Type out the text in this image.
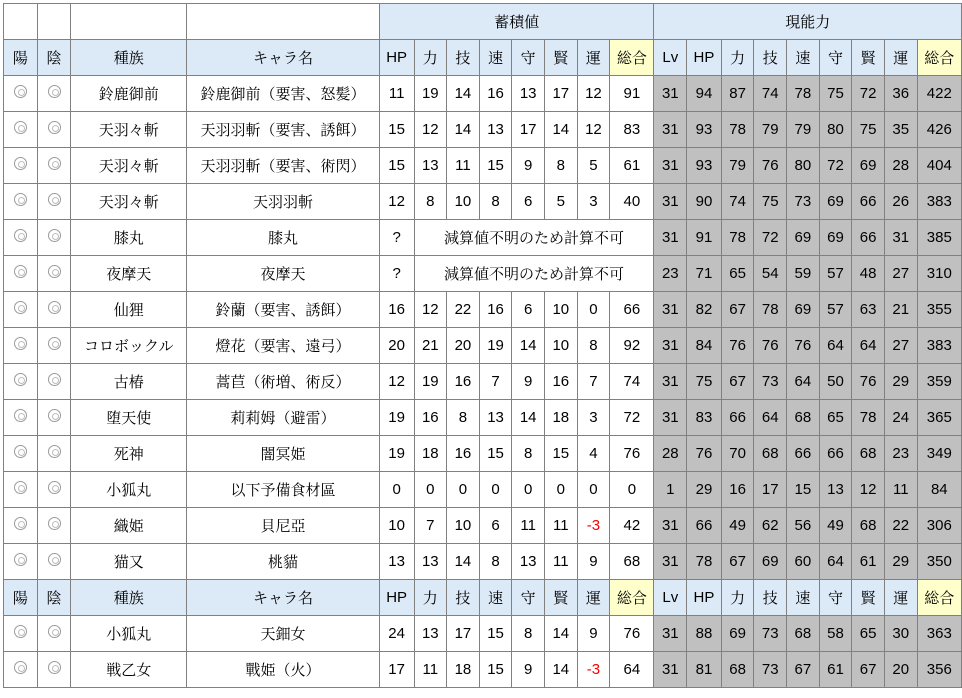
				蓄積値								現能力								
陽	陰	種族	キャラ名	HP	力	技	速	守	賢	運	総合	Lv	HP	力	技	速	守	賢	運	総合
		鈴鹿御前	鈴鹿御前（要害、怒髪）	11	19	14	16	13	17	12	91	31	94	87	74	78	75	72	36	422
		天羽々斬	天羽羽斬（要害、誘餌）	15	12	14	13	17	14	12	83	31	93	78	79	79	80	75	35	426
		天羽々斬	天羽羽斬（要害、術閃）	15	13	11	15	9	8	5	61	31	93	79	76	80	72	69	28	404
		天羽々斬	天羽羽斬	12	8	10	8	6	5	3	40	31	90	74	75	73	69	66	26	383
		膝丸	膝丸	?	減算値不明のため計算不可							31	91	78	72	69	69	66	31	385
		夜摩天	夜摩天	?	減算値不明のため計算不可							23	71	65	54	59	57	48	27	310
		仙狸	鈴蘭（要害、誘餌）	16	12	22	16	6	10	0	66	31	82	67	78	69	57	63	21	355
		コロボックル	燈花（要害、遠弓）	20	21	20	19	14	10	8	92	31	84	76	76	76	64	64	27	383
		古椿	蒿苣（術増、術反）	12	19	16	7	9	16	7	74	31	75	67	73	64	50	76	29	359
		堕天使	莉莉姆（避雷）	19	16	8	13	14	18	3	72	31	83	66	64	68	65	78	24	365
		死神	闇冥姫	19	18	16	15	8	15	4	76	28	76	70	68	66	66	68	23	349
		小狐丸	以下予備食材區	0	0	0	0	0	0	0	0	1	29	16	17	15	13	12	11	84
		織姫	貝尼亞	10	7	10	6	11	11	-3	42	31	66	49	62	56	49	68	22	306
		猫又	桃貓	13	13	14	8	13	11	9	68	31	78	67	69	60	64	61	29	350
陽	陰	種族	キャラ名	HP	力	技	速	守	賢	運	総合	Lv	HP	力	技	速	守	賢	運	総合
		小狐丸	天鈿女	24	13	17	15	8	14	9	76	31	88	69	73	68	58	65	30	363
		戦乙女	戰姫（火）	17	11	18	15	9	14	-3	64	31	81	68	73	67	61	67	20	356
